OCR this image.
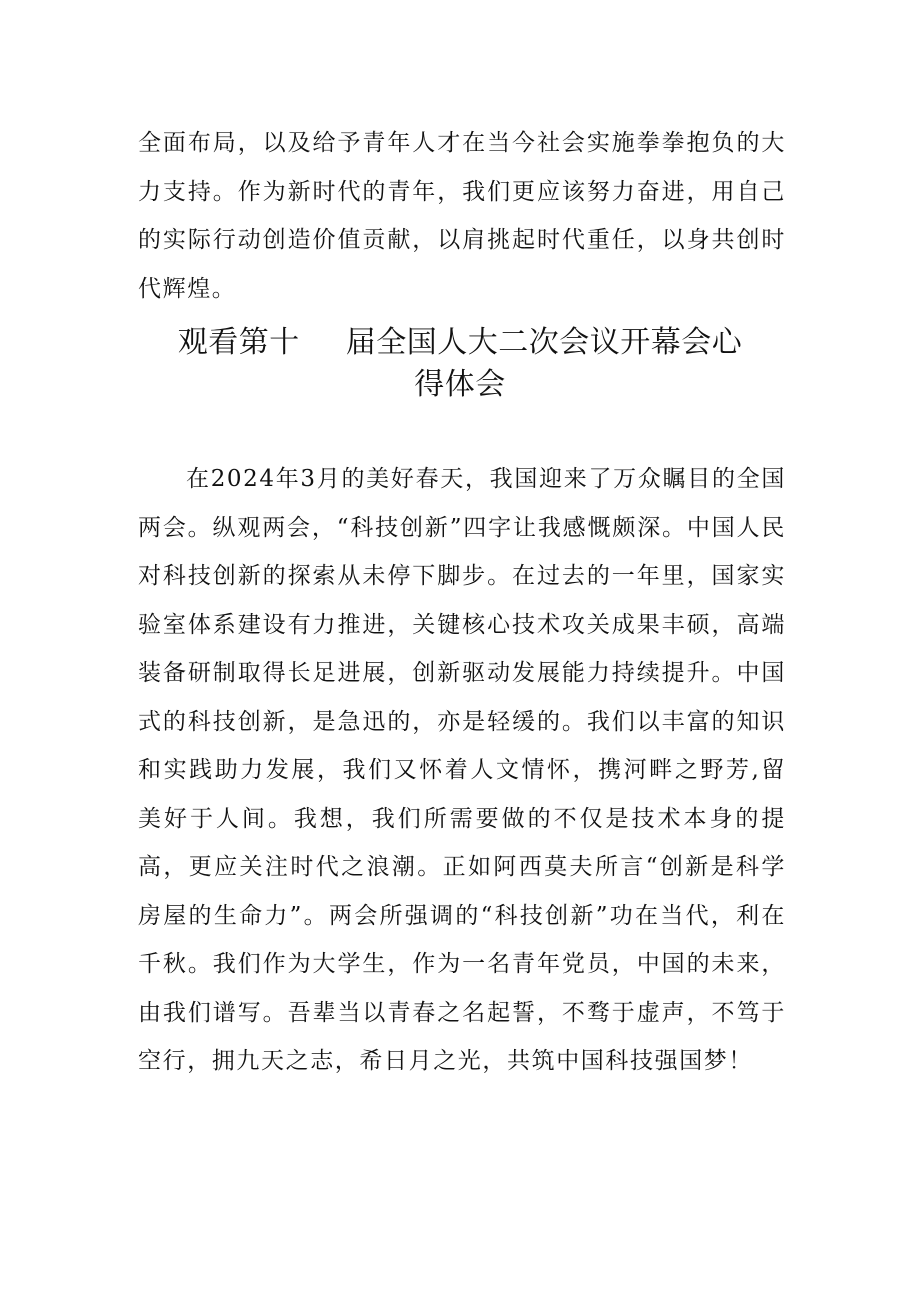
全面布局，以及给予青年人才在当今社会实施拳拳抱负的大力支持。作为新时代的青年，我们更应该努力奋进，用自己的实际行动创造价值贡献，以肩挑起时代重任，以身共创时代辉煌。

观看第十 届全国人大二次会议开幕会心
得体会

在2024年3月的美好春天，我国迎来了万众瞩目的全国两会。纵观两会，“科技创新”四字让我感慨颇深。中国人民对科技创新的探索从未停下脚步。在过去的一年里，国家实验室体系建设有力推进，关键核心技术攻关成果丰硕，高端装备研制取得长足进展，创新驱动发展能力持续提升。中国式的科技创新，是急迅的，亦是轻缓的。我们以丰富的知识和实践助力发展，我们又怀着人文情怀，携河畔之野芳,留美好于人间。我想，我们所需要做的不仅是技术本身的提高，更应关注时代之浪潮。正如阿西莫夫所言“创新是科学房屋的生命力”。两会所强调的“科技创新”功在当代，利在千秋。我们作为大学生，作为一名青年党员，中国的未来，由我们谱写。吾辈当以青春之名起誓，不骛于虚声，不笃于空行，拥九天之志，希日月之光，共筑中国科技强国梦！
